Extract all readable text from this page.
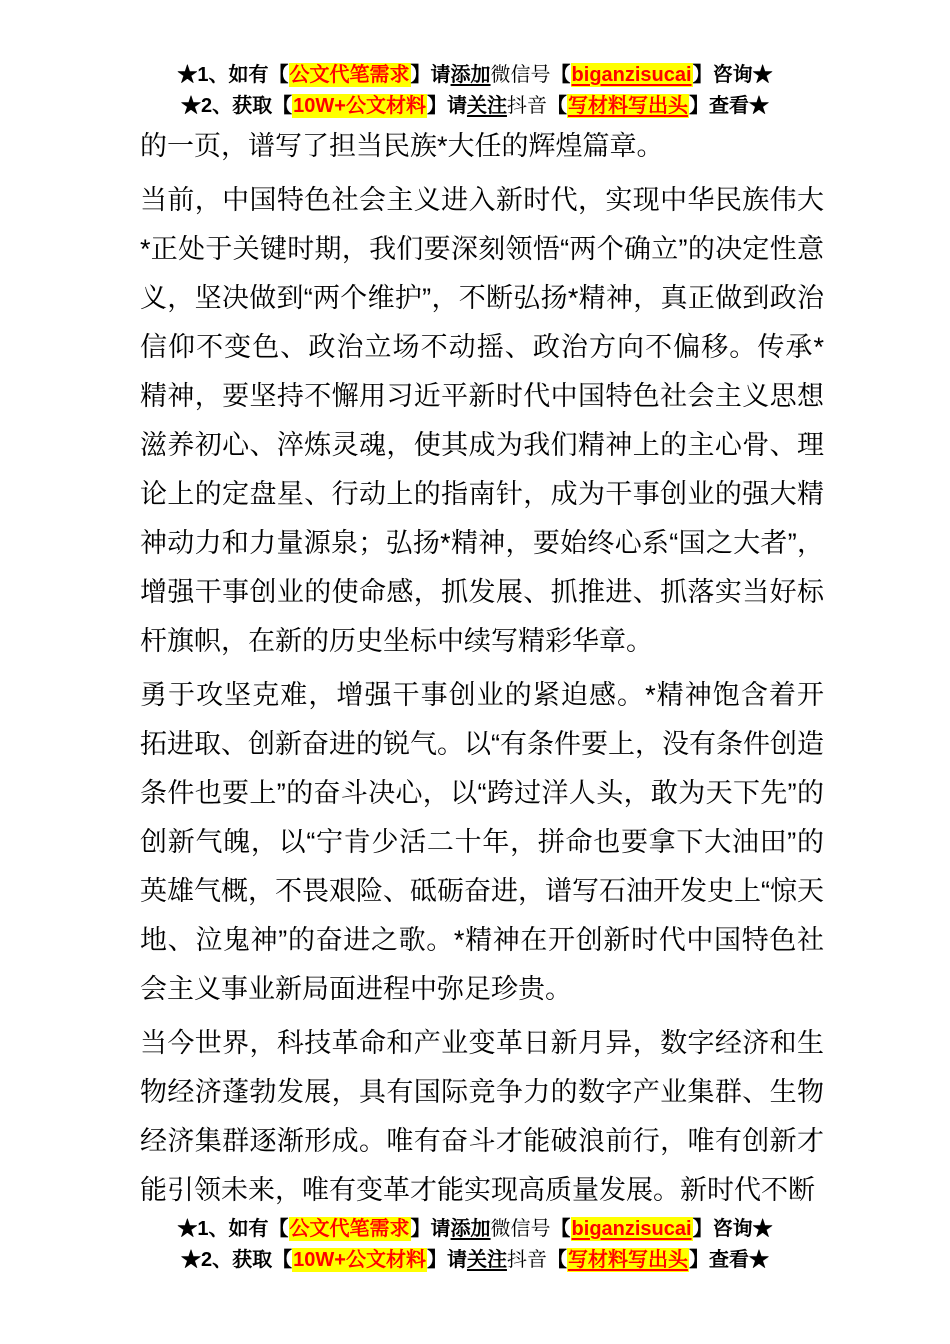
★1、如有【公文代笔需求】请添加微信号【biganzisucai】咨询★
★2、获取【10W+公文材料】请关注抖音【写材料写出头】查看★

的一页，谱写了担当民族*大任的辉煌篇章。

当前，中国特色社会主义进入新时代，实现中华民族伟大*正处于关键时期，我们要深刻领悟“两个确立”的决定性意义，坚决做到“两个维护”，不断弘扬*精神，真正做到政治信仰不变色、政治立场不动摇、政治方向不偏移。传承*精神，要坚持不懈用习近平新时代中国特色社会主义思想滋养初心、淬炼灵魂，使其成为我们精神上的主心骨、理论上的定盘星、行动上的指南针，成为干事创业的强大精神动力和力量源泉；弘扬*精神，要始终心系“国之大者”，增强干事创业的使命感，抓发展、抓推进、抓落实当好标杆旗帜，在新的历史坐标中续写精彩华章。

勇于攻坚克难，增强干事创业的紧迫感。*精神饱含着开拓进取、创新奋进的锐气。以“有条件要上，没有条件创造条件也要上”的奋斗决心，以“跨过洋人头，敢为天下先”的创新气魄，以“宁肯少活二十年，拼命也要拿下大油田”的英雄气概，不畏艰险、砥砺奋进，谱写石油开发史上“惊天地、泣鬼神”的奋进之歌。*精神在开创新时代中国特色社会主义事业新局面进程中弥足珍贵。

当今世界，科技革命和产业变革日新月异，数字经济和生物经济蓬勃发展，具有国际竞争力的数字产业集群、生物经济集群逐渐形成。唯有奋斗才能破浪前行，唯有创新才能引领未来，唯有变革才能实现高质量发展。新时代不断

★1、如有【公文代笔需求】请添加微信号【biganzisucai】咨询★
★2、获取【10W+公文材料】请关注抖音【写材料写出头】查看★
